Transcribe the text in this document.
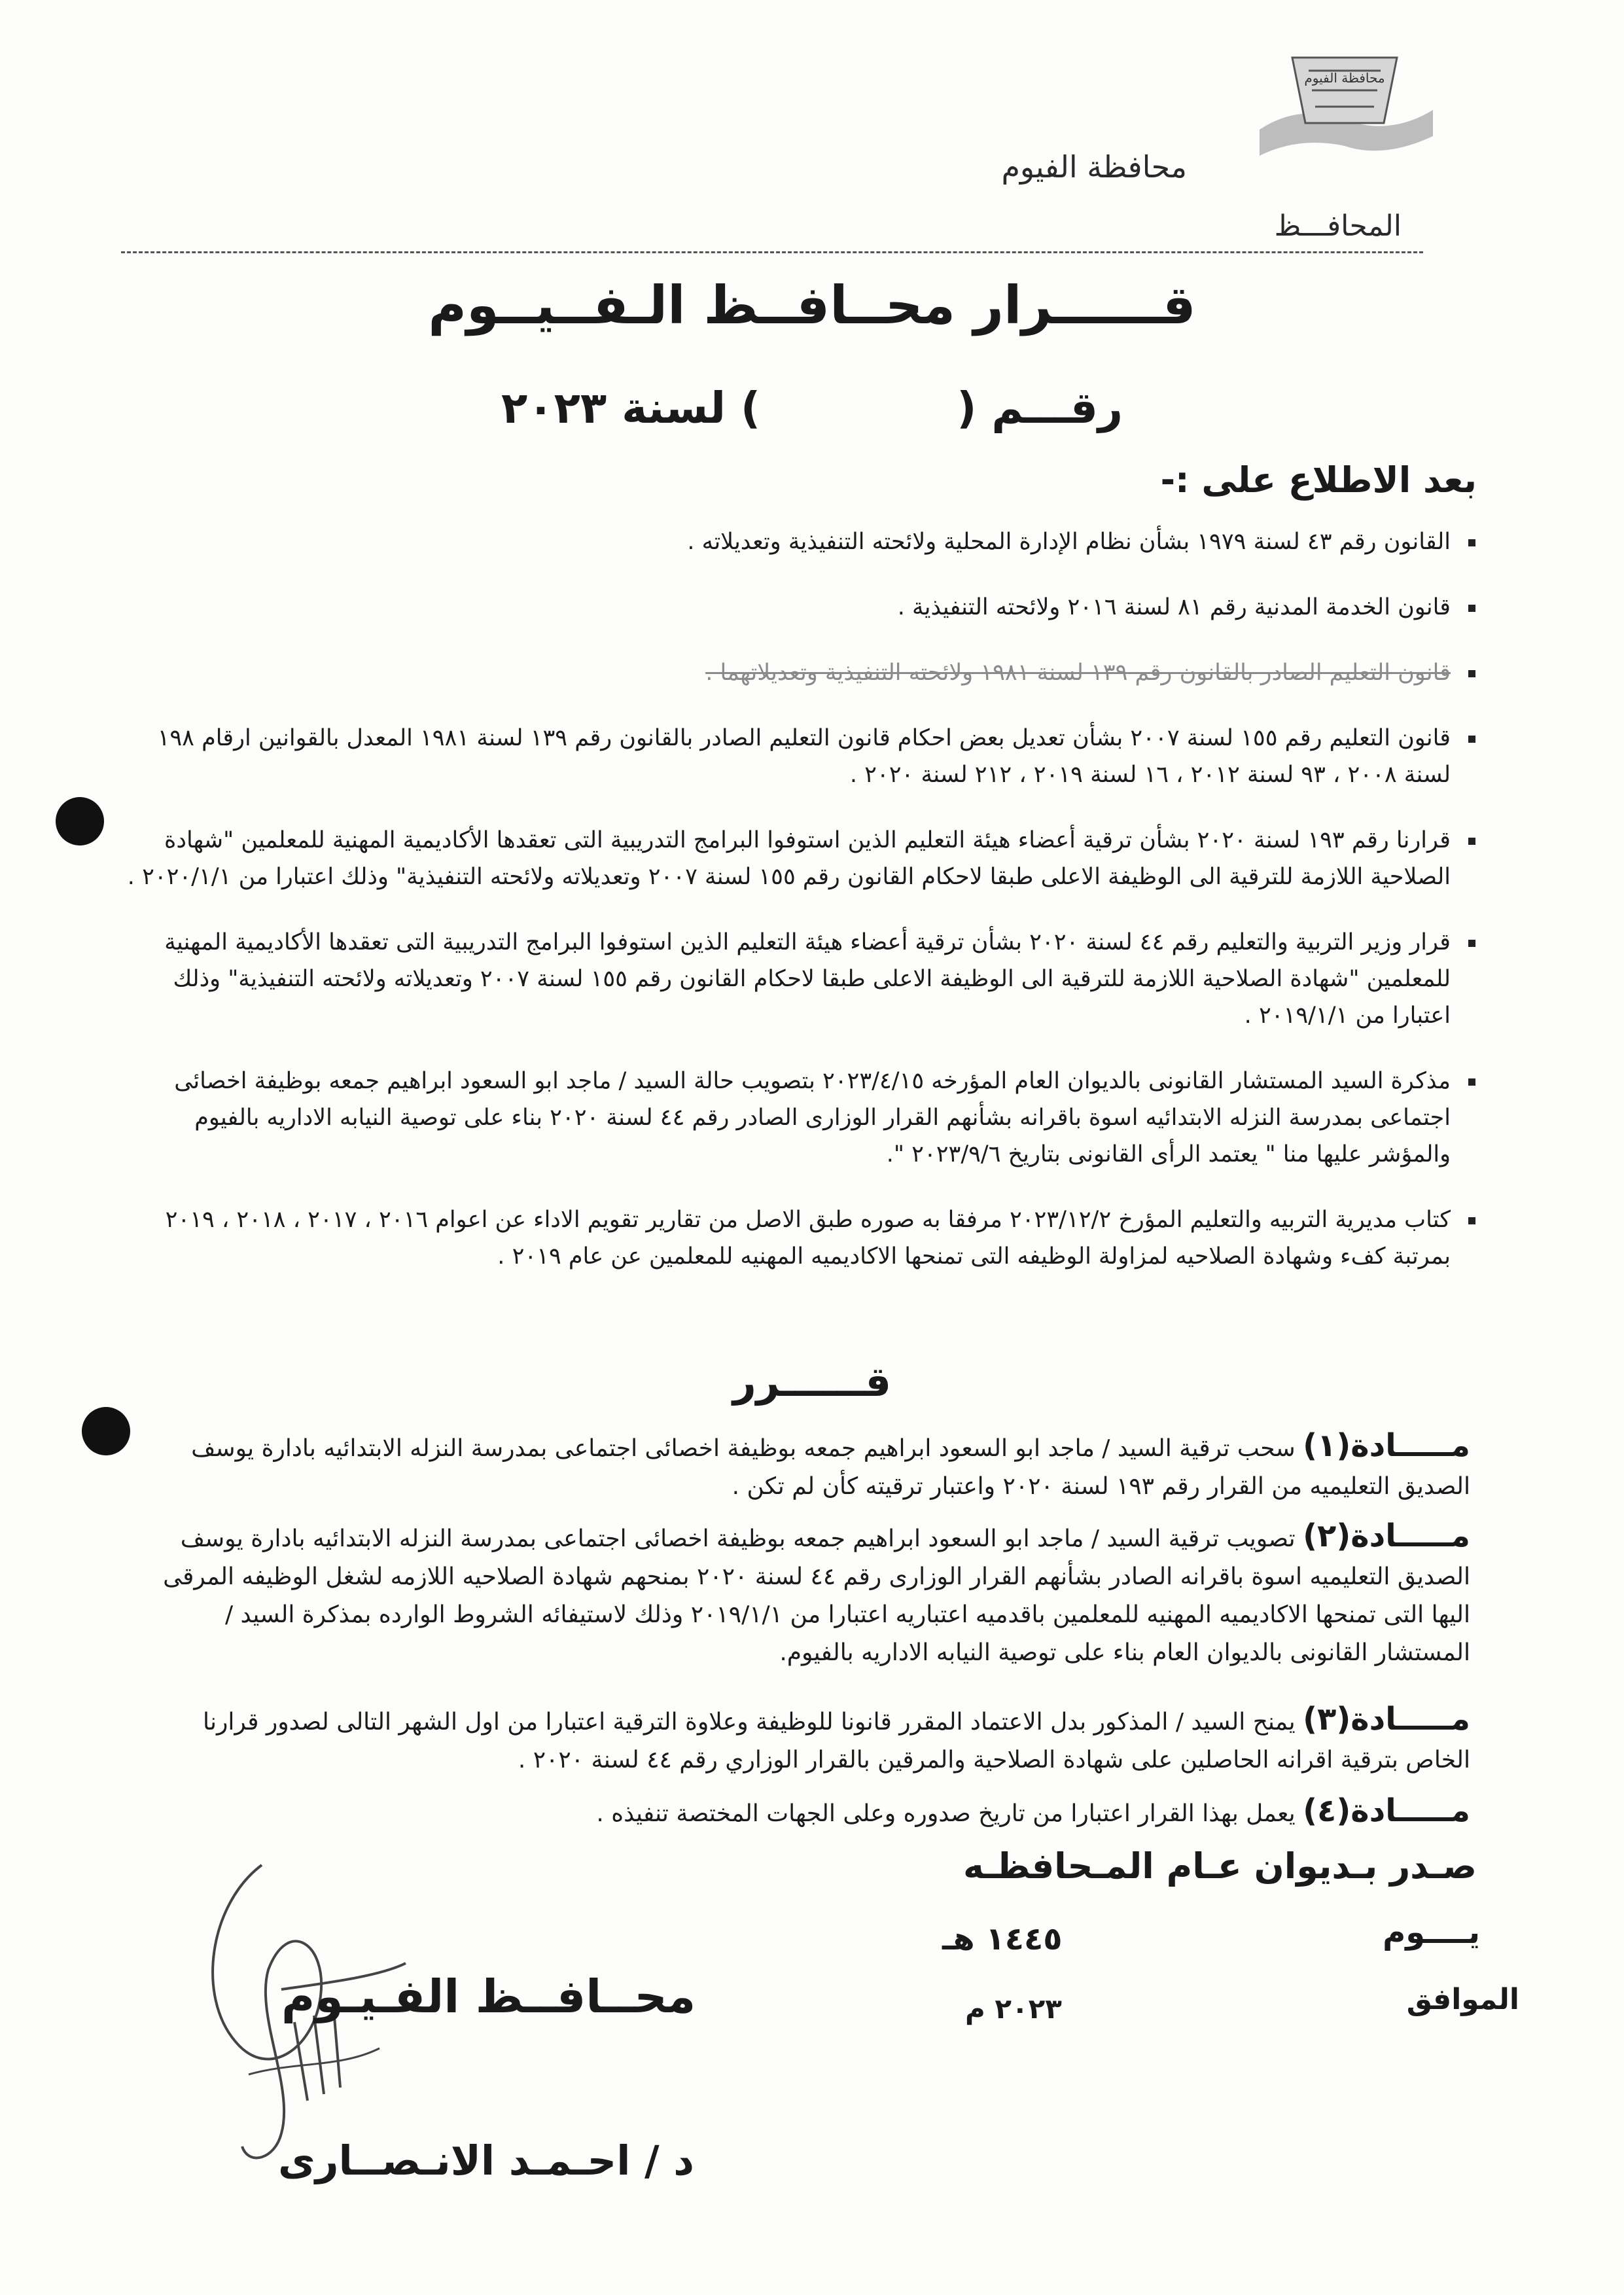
محافظة الفيوم
محافظة الفيوم
المحافـــظ
قــــــرار محــافــظ الـفــيــوم
رقـــم () لسنة ٢٠٢٣
بعد الاطلاع على :-
القانون رقم ٤٣ لسنة ١٩٧٩ بشأن نظام الإدارة المحلية ولائحته التنفيذية وتعديلاته .
قانون الخدمة المدنية رقم ٨١ لسنة ٢٠١٦ ولائحته التنفيذية .
قانون التعليم الصادر بالقانون رقم ١٣٩ لسنة ١٩٨١ ولائحته التنفيذية وتعديلاتهما .
قانون التعليم رقم ١٥٥ لسنة ٢٠٠٧ بشأن تعديل بعض احكام قانون التعليم الصادر بالقانون رقم ١٣٩ لسنة ١٩٨١ المعدل بالقوانين ارقام ١٩٨ لسنة ٢٠٠٨ ، ٩٣ لسنة ٢٠١٢ ، ١٦ لسنة ٢٠١٩ ، ٢١٢ لسنة ٢٠٢٠ .
قرارنا رقم ١٩٣ لسنة ٢٠٢٠ بشأن ترقية أعضاء هيئة التعليم الذين استوفوا البرامج التدريبية التى تعقدها الأكاديمية المهنية للمعلمين "شهادة الصلاحية اللازمة للترقية الى الوظيفة الاعلى طبقا لاحكام القانون رقم ١٥٥ لسنة ٢٠٠٧ وتعديلاته ولائحته التنفيذية" وذلك اعتبارا من ٢٠٢٠/١/١ .
قرار وزير التربية والتعليم رقم ٤٤ لسنة ٢٠٢٠ بشأن ترقية أعضاء هيئة التعليم الذين استوفوا البرامج التدريبية التى تعقدها الأكاديمية المهنية للمعلمين "شهادة الصلاحية اللازمة للترقية الى الوظيفة الاعلى طبقا لاحكام القانون رقم ١٥٥ لسنة ٢٠٠٧ وتعديلاته ولائحته التنفيذية" وذلك اعتبارا من ٢٠١٩/١/١ .
مذكرة السيد المستشار القانونى بالديوان العام المؤرخه ٢٠٢٣/٤/١٥ بتصويب حالة السيد / ماجد ابو السعود ابراهيم جمعه بوظيفة اخصائى اجتماعى بمدرسة النزله الابتدائيه اسوة باقرانه بشأنهم القرار الوزارى الصادر رقم ٤٤ لسنة ٢٠٢٠ بناء على توصية النيابه الاداريه بالفيوم والمؤشر عليها منا " يعتمد الرأى القانونى بتاريخ ٢٠٢٣/٩/٦ ".
كتاب مديرية التربيه والتعليم المؤرخ ٢٠٢٣/١٢/٢ مرفقا به صوره طبق الاصل من تقارير تقويم الاداء عن اعوام ٢٠١٦ ، ٢٠١٧ ، ٢٠١٨ ، ٢٠١٩ بمرتبة كفء وشهادة الصلاحيه لمزاولة الوظيفه التى تمنحها الاكاديميه المهنيه للمعلمين عن عام ٢٠١٩ .
قــــــرر
مـــــادة(١) سحب ترقية السيد / ماجد ابو السعود ابراهيم جمعه بوظيفة اخصائى اجتماعى بمدرسة النزله الابتدائيه بادارة يوسف الصديق التعليميه من القرار رقم ١٩٣ لسنة ٢٠٢٠ واعتبار ترقيته كأن لم تكن .
مـــــادة(٢) تصويب ترقية السيد / ماجد ابو السعود ابراهيم جمعه بوظيفة اخصائى اجتماعى بمدرسة النزله الابتدائيه بادارة يوسف الصديق التعليميه اسوة باقرانه الصادر بشأنهم القرار الوزارى رقم ٤٤ لسنة ٢٠٢٠ بمنحهم شهادة الصلاحيه اللازمه لشغل الوظيفه المرقى اليها التى تمنحها الاكاديميه المهنيه للمعلمين باقدميه اعتباريه اعتبارا من ٢٠١٩/١/١ وذلك لاستيفائه الشروط الوارده بمذكرة السيد / المستشار القانونى بالديوان العام بناء على توصية النيابه الاداريه بالفيوم.
مـــــادة(٣) يمنح السيد / المذكور بدل الاعتماد المقرر قانونا للوظيفة وعلاوة الترقية اعتبارا من اول الشهر التالى لصدور قرارنا الخاص بترقية اقرانه الحاصلين على شهادة الصلاحية والمرقين بالقرار الوزاري رقم ٤٤ لسنة ٢٠٢٠ .
مـــــادة(٤) يعمل بهذا القرار اعتبارا من تاريخ صدوره وعلى الجهات المختصة تنفيذه .
صـدر بـديوان عـام المـحافظـه
يــــوم
١٤٤٥ هـ
الموافق
٢٠٢٣ م
محــافــظ الفـيـوم
د / احـمـد الانـصــارى
